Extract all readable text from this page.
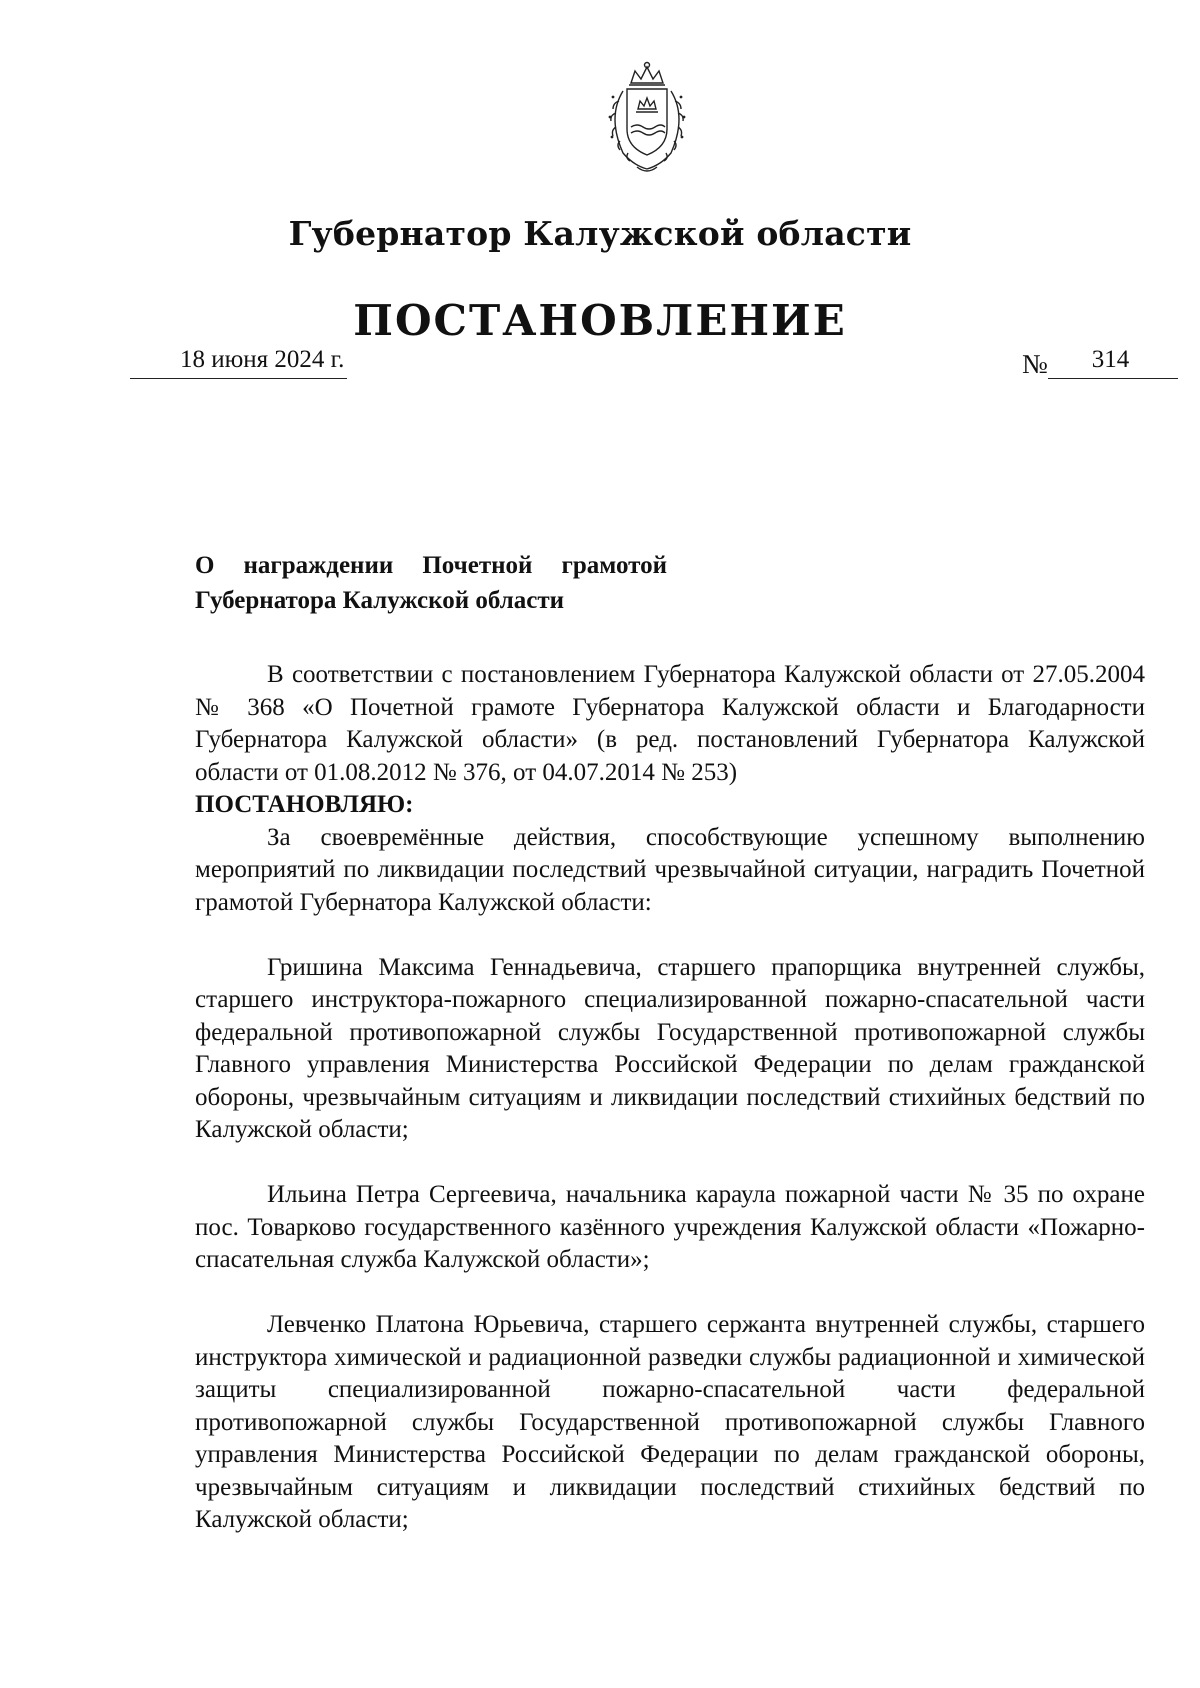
Губернатор Калужской области
ПОСТАНОВЛЕНИЕ
18 июня 2024 г.	№	314
О награждении Почетной грамотой
Губернатора Калужской области

В соответствии с постановлением Губернатора Калужской области от 27.05.2004 № 368 «О Почетной грамоте Губернатора Калужской области и Благодарности Губернатора Калужской области» (в ред. постановлений Губернатора Калужской области от 01.08.2012 № 376, от 04.07.2014 № 253)

ПОСТАНОВЛЯЮ:

За своевремённые действия, способствующие успешному выполнению мероприятий по ликвидации последствий чрезвычайной ситуации, наградить Почетной грамотой Губернатора Калужской области:

Гришина Максима Геннадьевича, старшего прапорщика внутренней службы, старшего инструктора-пожарного специализированной пожарно-спасательной части федеральной противопожарной службы Государственной противопожарной службы Главного управления Министерства Российской Федерации по делам гражданской обороны, чрезвычайным ситуациям и ликвидации последствий стихийных бедствий по Калужской области;

Ильина Петра Сергеевича, начальника караула пожарной части № 35 по охране пос. Товарково государственного казённого учреждения Калужской области «Пожарно-спасательная служба Калужской области»;

Левченко Платона Юрьевича, старшего сержанта внутренней службы, старшего инструктора химической и радиационной разведки службы радиационной и химической защиты специализированной пожарно-спасательной части федеральной противопожарной службы Государственной противопожарной службы Главного управления Министерства Российской Федерации по делам гражданской обороны, чрезвычайным ситуациям и ликвидации последствий стихийных бедствий по Калужской области;
